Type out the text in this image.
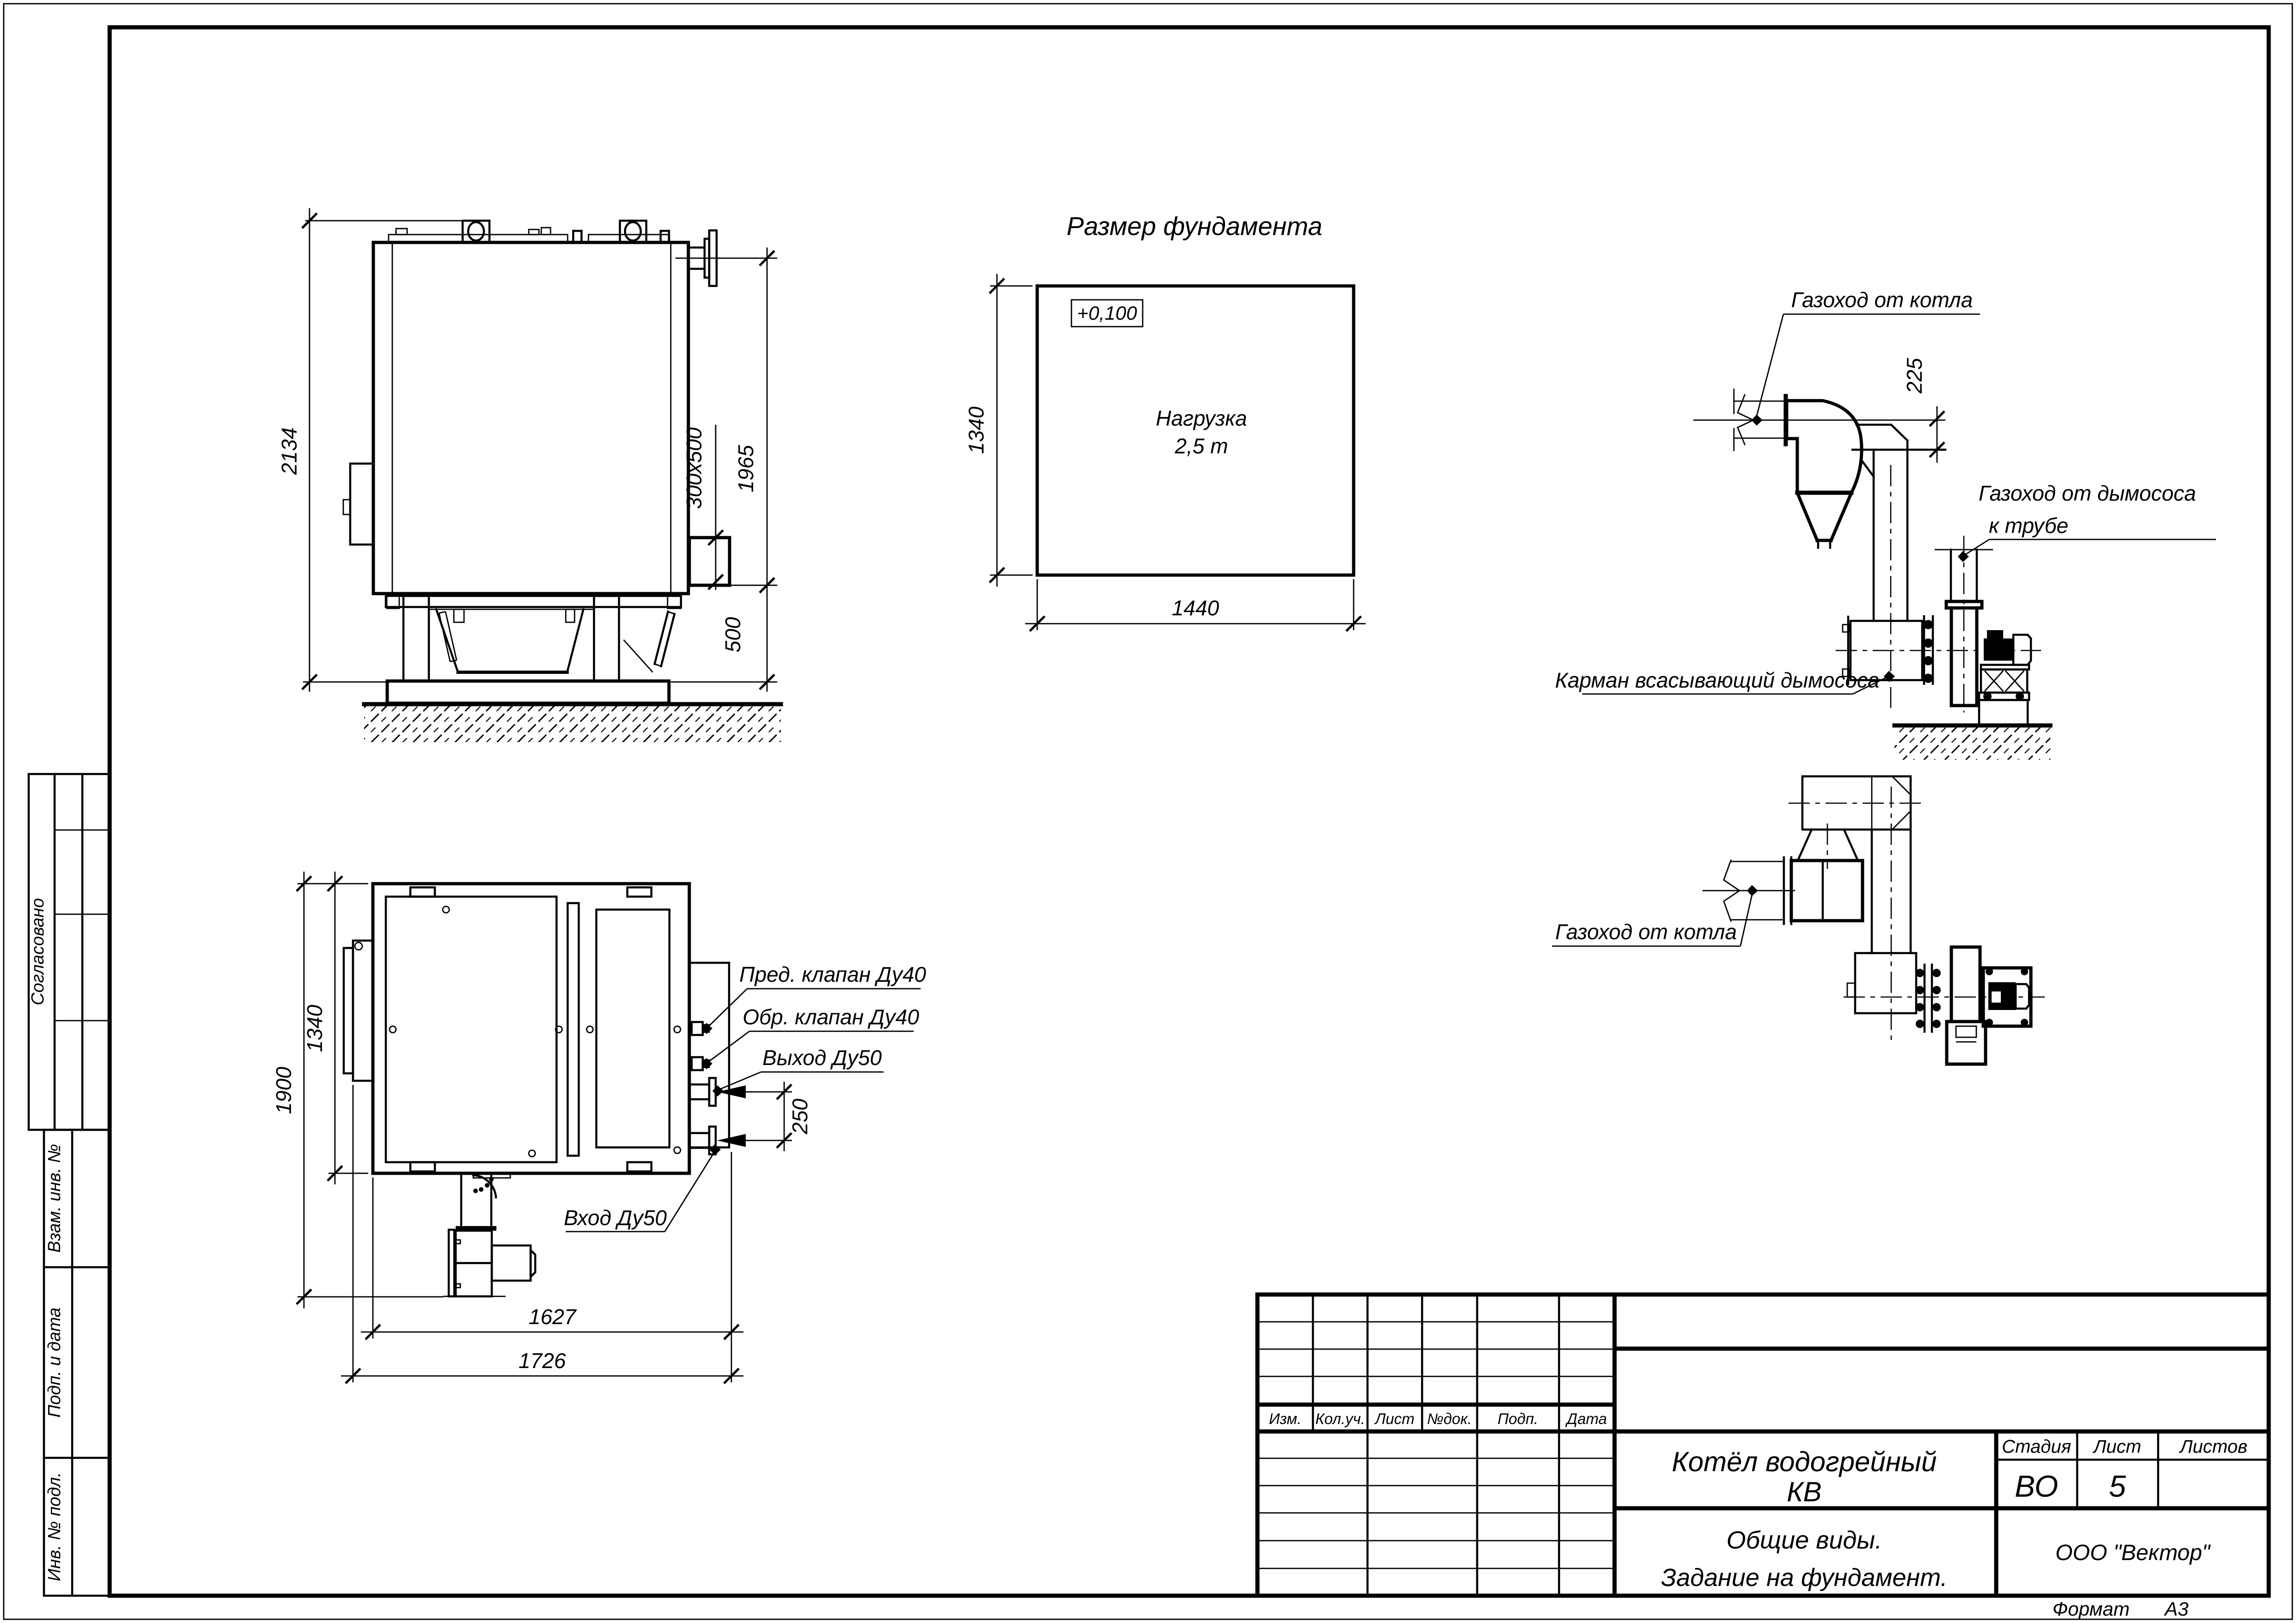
Согласовано
Взам. инв. №
Подп. и дата
Инв. № подл.
Изм. Кол.уч. Лист №док. Подп. Дата
Котёл водогрейный
КВ
Стадия Лист Листов
ВО 5
Общие виды.
Задание на фундамент.
ООО "Вектор"
Формат А3
2134	1965
500
300х500
Размер фундамента
+0,100
Нагрузка
2,5 т
1340
1440
225
Газоход от котла
Газоход от дымососа
к трубе
Карман всасывающий дымососа
Газоход от котла
1900
1340
250
1627
1726
Пред. клапан Ду40
Обр. клапан Ду40
Выход Ду50
Вход Ду50
